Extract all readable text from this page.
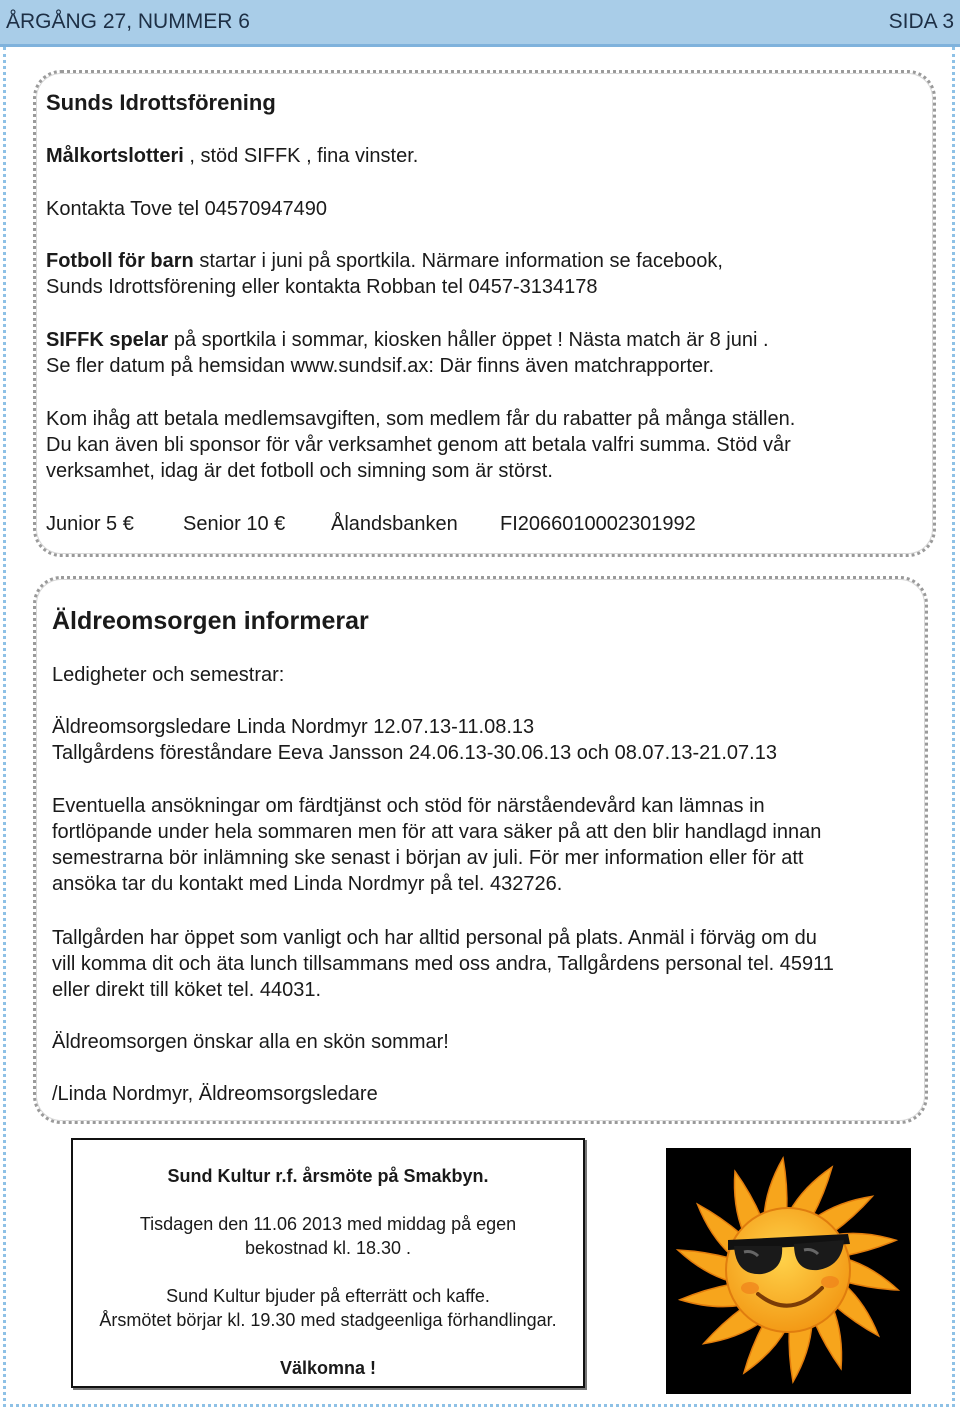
ÅRGÅNG 27, NUMMER 6	SIDA 3
Sunds Idrottsförening
Målkortslotteri , stöd SIFFK , fina vinster.
Kontakta Tove tel 04570947490
Fotboll för barn startar i juni på sportkila. Närmare information se facebook,
Sunds Idrottsförening eller kontakta Robban tel 0457-3134178
SIFFK spelar på sportkila i sommar, kiosken håller öppet ! Nästa match är 8 juni .
Se fler datum på hemsidan www.sundsif.ax: Där finns även matchrapporter.
Kom ihåg att betala medlemsavgiften, som medlem får du rabatter på många ställen.
Du kan även bli sponsor för vår verksamhet genom att betala valfri summa. Stöd vår
verksamhet, idag är det fotboll och simning som är störst.
Junior 5 € Senior 10 € Ålandsbanken FI2066010002301992
Äldreomsorgen informerar
Ledigheter och semestrar:
Äldreomsorgsledare Linda Nordmyr 12.07.13-11.08.13
Tallgårdens föreståndare Eeva Jansson 24.06.13-30.06.13 och 08.07.13-21.07.13
Eventuella ansökningar om färdtjänst och stöd för närståendevård kan lämnas in
fortlöpande under hela sommaren men för att vara säker på att den blir handlagd innan
semestrarna bör inlämning ske senast i början av juli. För mer information eller för att
ansöka tar du kontakt med Linda Nordmyr på tel. 432726.
Tallgården har öppet som vanligt och har alltid personal på plats. Anmäl i förväg om du
vill komma dit och äta lunch tillsammans med oss andra, Tallgårdens personal tel. 45911
eller direkt till köket tel. 44031.
Äldreomsorgen önskar alla en skön sommar!
/Linda Nordmyr, Äldreomsorgsledare
Sund Kultur r.f. årsmöte på Smakbyn.
Tisdagen den 11.06 2013 med middag på egen
bekostnad kl. 18.30 .
Sund Kultur bjuder på efterrätt och kaffe.
Årsmötet börjar kl. 19.30 med stadgeenliga förhandlingar.
Välkomna !
